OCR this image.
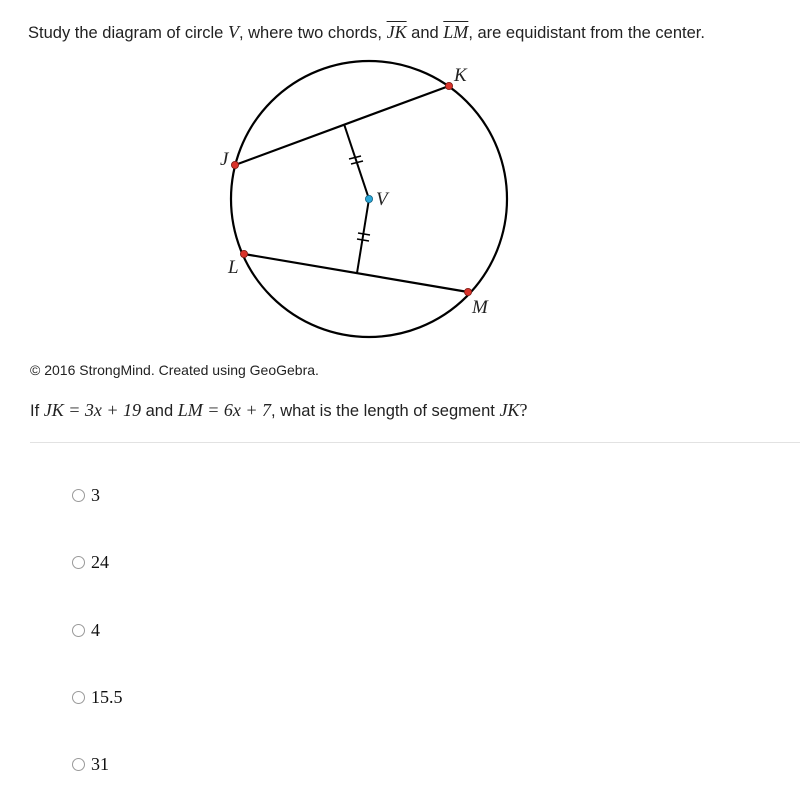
Study the diagram of circle V, where two chords, $\overline{JK}$ and $\overline{LM}$, are equidistant from the center.
K
J
V
L
M
© 2016 StrongMind. Created using GeoGebra.
If JK = 3x + 19 and LM = 6x + 7, what is the length of segment JK?
3
24
4
15.5
31
